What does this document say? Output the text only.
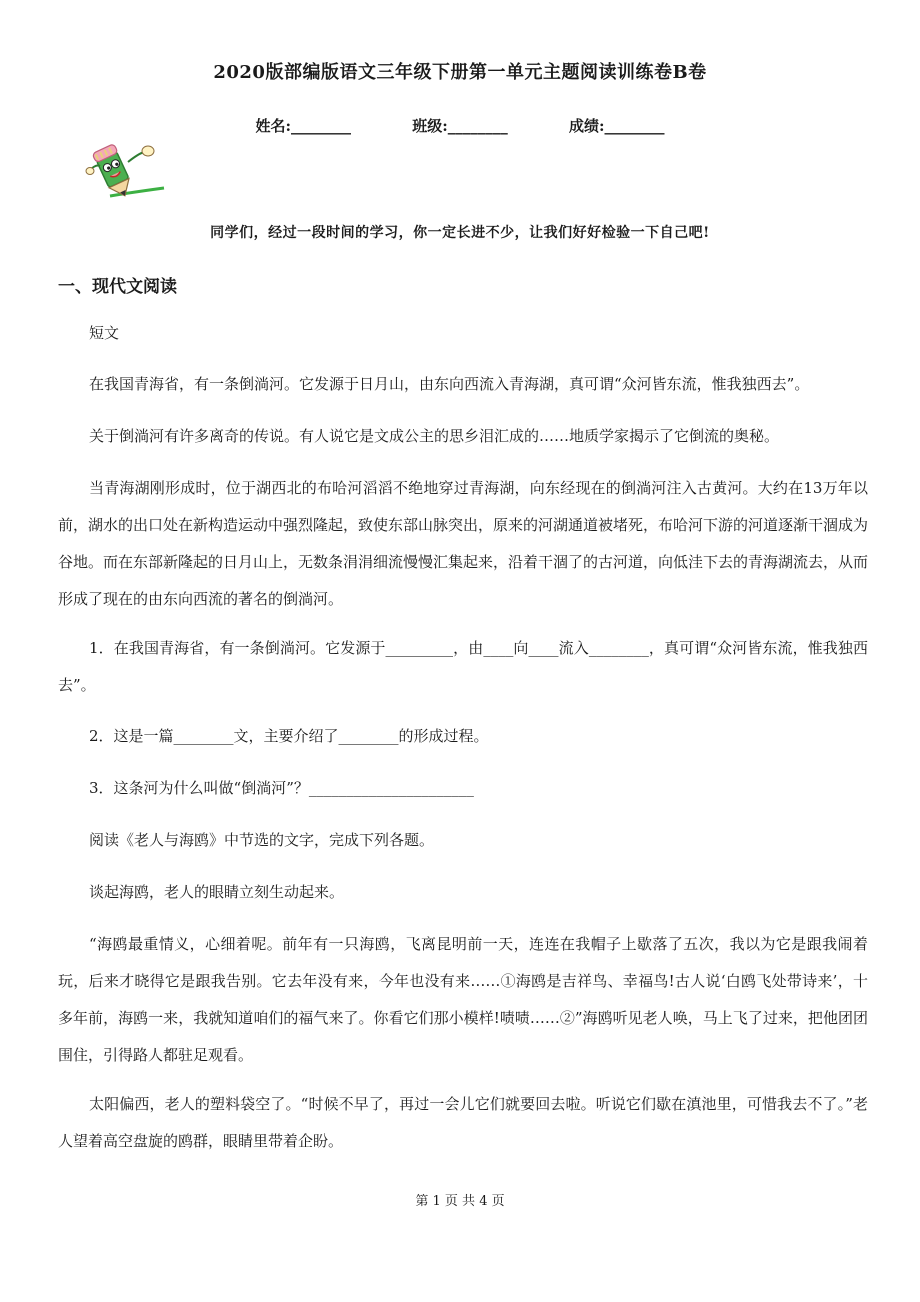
2020版部编版语文三年级下册第一单元主题阅读训练卷B卷
姓名:________	班级:________	成绩:________
同学们，经过一段时间的学习，你一定长进不少，让我们好好检验一下自己吧!
一、现代文阅读

短文

在我国青海省，有一条倒淌河。它发源于日月山，由东向西流入青海湖，真可谓“众河皆东流，惟我独西去”。

关于倒淌河有许多离奇的传说。有人说它是文成公主的思乡泪汇成的……地质学家揭示了它倒流的奥秘。

当青海湖刚形成时，位于湖西北的布哈河滔滔不绝地穿过青海湖，向东经现在的倒淌河注入古黄河。大约在13万年以前，湖水的出口处在新构造运动中强烈隆起，致使东部山脉突出，原来的河湖通道被堵死，布哈河下游的河道逐渐干涸成为谷地。而在东部新隆起的日月山上，无数条涓涓细流慢慢汇集起来，沿着干涸了的古河道，向低洼下去的青海湖流去，从而形成了现在的由东向西流的著名的倒淌河。

1．在我国青海省，有一条倒淌河。它发源于_________，由____向____流入________，真可谓“众河皆东流，惟我独西去”。

2．这是一篇________文，主要介绍了________的形成过程。

3．这条河为什么叫做“倒淌河”？______________________

阅读《老人与海鸥》中节选的文字，完成下列各题。

谈起海鸥，老人的眼睛立刻生动起来。

“海鸥最重情义，心细着呢。前年有一只海鸥，飞离昆明前一天，连连在我帽子上歇落了五次，我以为它是跟我闹着玩，后来才晓得它是跟我告别。它去年没有来，今年也没有来……①海鸥是吉祥鸟、幸福鸟!古人说‘白鸥飞处带诗来’，十多年前，海鸥一来，我就知道咱们的福气来了。你看它们那小模样!啧啧……②”海鸥听见老人唤，马上飞了过来，把他团团围住，引得路人都驻足观看。

太阳偏西，老人的塑料袋空了。“时候不早了，再过一会儿它们就要回去啦。听说它们歇在滇池里，可惜我去不了。”老人望着高空盘旋的鸥群，眼睛里带着企盼。

第 1 页 共 4 页
